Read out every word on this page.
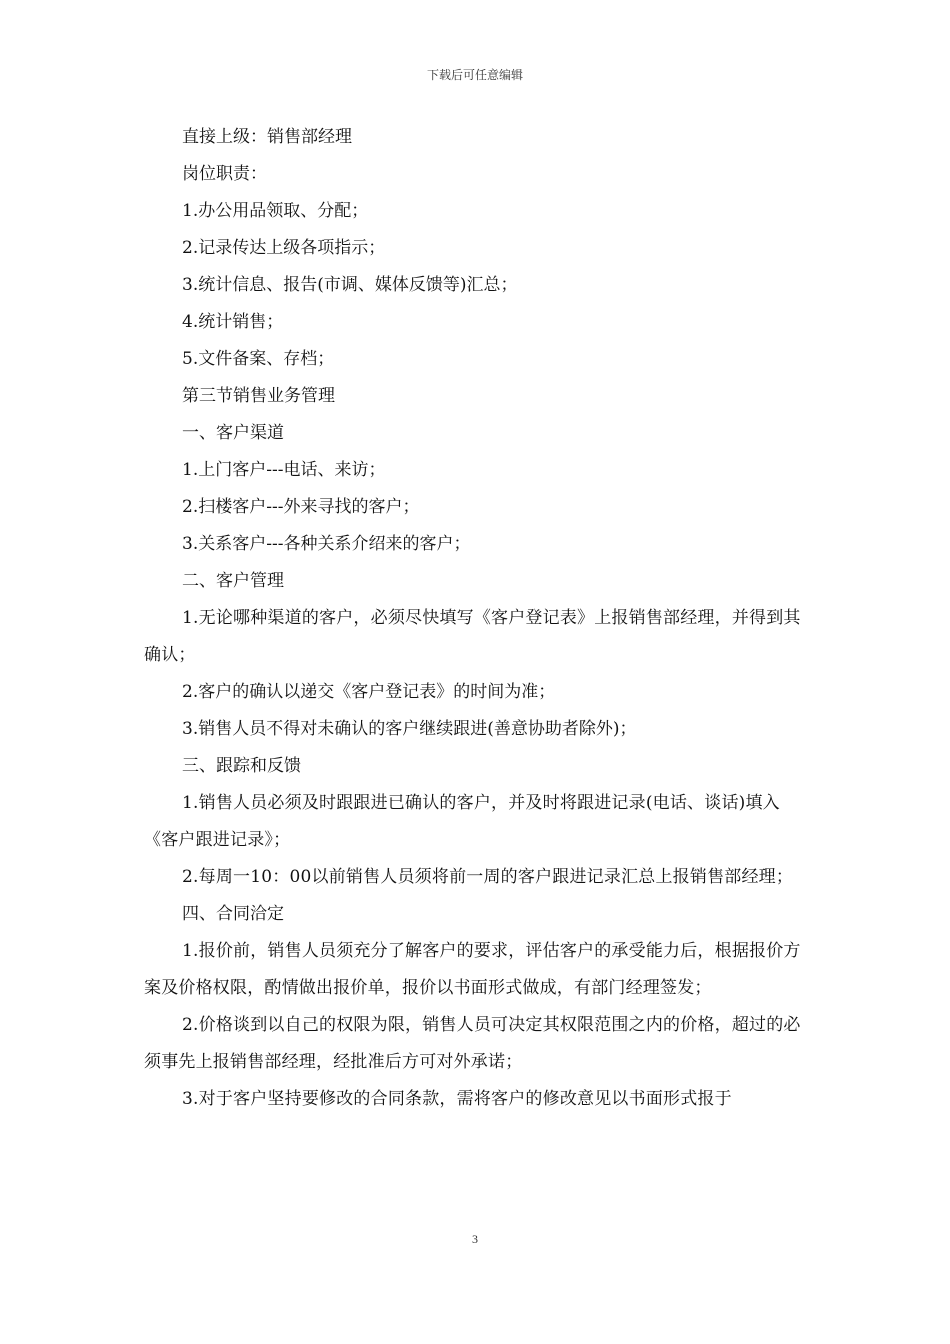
下载后可任意编辑

直接上级：销售部经理

岗位职责：

1.办公用品领取、分配；

2.记录传达上级各项指示；

3.统计信息、报告(市调、媒体反馈等)汇总；

4.统计销售；

5.文件备案、存档；

第三节销售业务管理

一、客户渠道

1.上门客户---电话、来访；

2.扫楼客户---外来寻找的客户；

3.关系客户---各种关系介绍来的客户；

二、客户管理

1.无论哪种渠道的客户，必须尽快填写《客户登记表》上报销售部经理，并得到其确认；

2.客户的确认以递交《客户登记表》的时间为准；

3.销售人员不得对未确认的客户继续跟进(善意协助者除外)；

三、跟踪和反馈

1.销售人员必须及时跟跟进已确认的客户，并及时将跟进记录(电话、谈话)填入《客户跟进记录》；

2.每周一10：00以前销售人员须将前一周的客户跟进记录汇总上报销售部经理；

四、合同洽定

1.报价前，销售人员须充分了解客户的要求，评估客户的承受能力后，根据报价方案及价格权限，酌情做出报价单，报价以书面形式做成，有部门经理签发；

2.价格谈到以自己的权限为限，销售人员可决定其权限范围之内的价格，超过的必须事先上报销售部经理，经批准后方可对外承诺；

3.对于客户坚持要修改的合同条款，需将客户的修改意见以书面形式报于

3
